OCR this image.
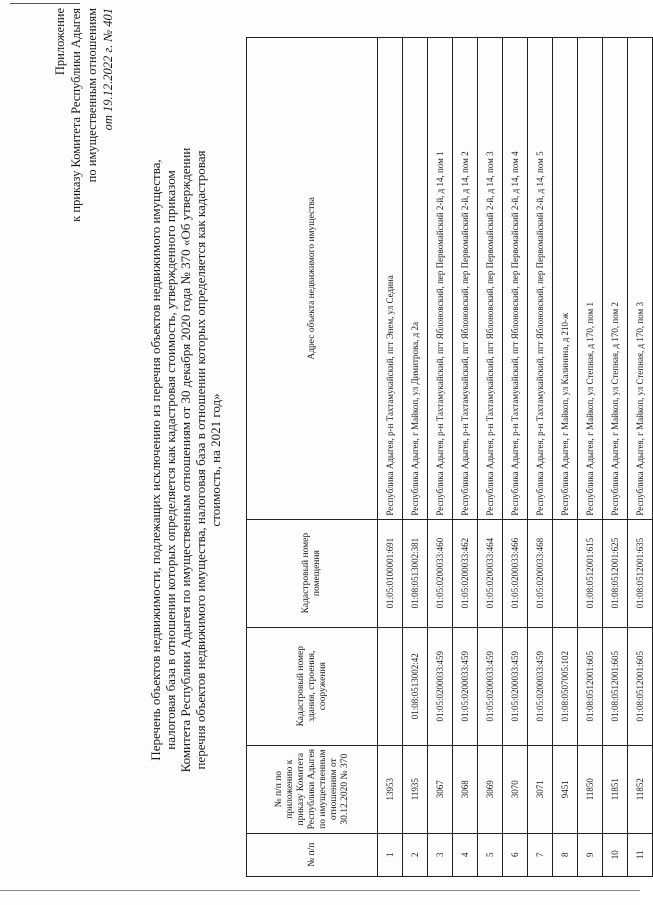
Приложение к приказу Комитета Республики Адыгея по имущественным отношениям от 19.12.2022 г. № 401
Перечень объектов недвижимости, подлежащих исключению из перечня объектов недвижимого имущества, налоговая база в отношении которых определяется как кадастровая стоимость, утвержденного приказом Комитета Республики Адыгея по имущественным отношениям от 30 декабря 2020 года № 370 «Об утверждении перечня объектов недвижимого имущества, налоговая база в отношении которых определяется как кадастровая стоимость, на 2021 год»
№ п/п	№ п/п по приложению к приказу Комитета Республики Адыгея по имущественным отношениям от 30.12.2020 № 370	Кадастровый номер здания, строения, сооружения	Кадастровый номер помещения	Адрес объекта недвижимого имущества
1	13953		01:05:0100001:691	Республика Адыгея, р-н Тахтамукайский, пгт Энем, ул Седина
2	11935	01:08:0513002:42	01:08:0513002:381	Республика Адыгея, г Майкоп, ул Димитрова, д 2а
3	3067	01:05:0200033:459	01:05:0200033:460	Республика Адыгея, р-н Тахтамукайский, пгт Яблоновский, пер Первомайский 2-й, д 14, пом 1
4	3068	01:05:0200033:459	01:05:0200033:462	Республика Адыгея, р-н Тахтамукайский, пгт Яблоновский, пер Первомайский 2-й, д 14, пом 2
5	3069	01:05:0200033:459	01:05:0200033:464	Республика Адыгея, р-н Тахтамукайский, пгт Яблоновский, пер Первомайский 2-й, д 14, пом 3
6	3070	01:05:0200033:459	01:05:0200033:466	Республика Адыгея, р-н Тахтамукайский, пгт Яблоновский, пер Первомайский 2-й, д 14, пом 4
7	3071	01:05:0200033:459	01:05:0200033:468	Республика Адыгея, р-н Тахтамукайский, пгт Яблоновский, пер Первомайский 2-й, д 14, пом 5
8	9451	01:08:0507005:102		Республика Адыгея, г Майкоп, ул Калинина, д 210-ж
9	11850	01:08:0512001:605	01:08:0512001:615	Республика Адыгея, г Майкоп, ул Степная, д 170, пом 1
10	11851	01:08:0512001:605	01:08:0512001:625	Республика Адыгея, г Майкоп, ул Степная, д 170, пом 2
11	11852	01:08:0512001:605	01:08:0512001:635	Республика Адыгея, г Майкоп, ул Степная, д 170, пом 3
